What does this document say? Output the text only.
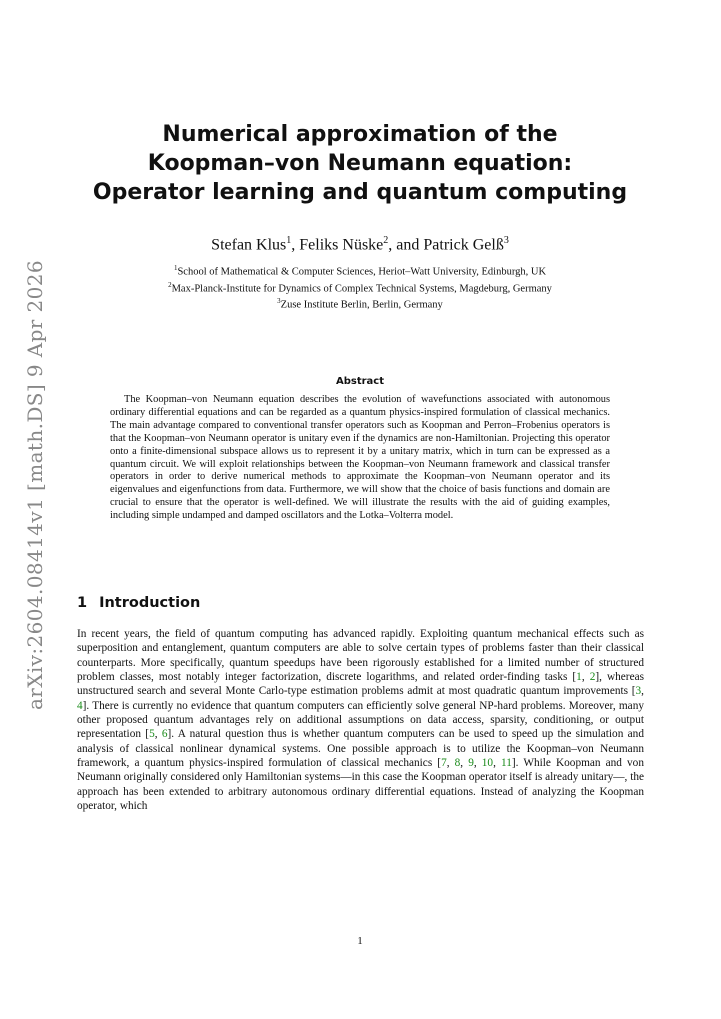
arXiv:2604.08414v1 [math.DS] 9 Apr 2026
Numerical approximation of the
Koopman–von Neumann equation:
Operator learning and quantum computing
Stefan Klus$^1$, Feliks Nüske$^2$, and Patrick Gelß$^3$
$^1$School of Mathematical & Computer Sciences, Heriot–Watt University, Edinburgh, UK
$^2$Max-Planck-Institute for Dynamics of Complex Technical Systems, Magdeburg, Germany
$^3$Zuse Institute Berlin, Berlin, Germany
Abstract

The Koopman–von Neumann equation describes the evolution of wavefunctions associated with autonomous ordinary differential equations and can be regarded as a quantum physics-inspired formulation of classical mechanics. The main advantage compared to conventional transfer operators such as Koopman and Perron–Frobenius operators is that the Koopman–von Neumann operator is unitary even if the dynamics are non-Hamiltonian. Projecting this operator onto a finite-dimensional subspace allows us to represent it by a unitary matrix, which in turn can be expressed as a quantum circuit. We will exploit relationships between the Koopman–von Neumann framework and classical transfer operators in order to derive numerical methods to approximate the Koopman–von Neumann operator and its eigenvalues and eigenfunctions from data. Furthermore, we will show that the choice of basis functions and domain are crucial to ensure that the operator is well-defined. We will illustrate the results with the aid of guiding examples, including simple undamped and damped oscillators and the Lotka–Volterra model.

1 Introduction

In recent years, the field of quantum computing has advanced rapidly. Exploiting quantum mechanical effects such as superposition and entanglement, quantum computers are able to solve certain types of problems faster than their classical counterparts. More specifically, quantum speedups have been rigorously established for a limited number of structured problem classes, most notably integer factorization, discrete logarithms, and related order-finding tasks [1, 2], whereas unstructured search and several Monte Carlo-type estimation problems admit at most quadratic quantum improvements [3, 4]. There is currently no evidence that quantum computers can efficiently solve general NP-hard problems. Moreover, many other proposed quantum advantages rely on additional assumptions on data access, sparsity, conditioning, or output representation [5, 6]. A natural question thus is whether quantum computers can be used to speed up the simulation and analysis of classical nonlinear dynamical systems. One possible approach is to utilize the Koopman–von Neumann framework, a quantum physics-inspired formulation of classical mechanics [7, 8, 9, 10, 11]. While Koopman and von Neumann originally considered only Hamiltonian systems—in this case the Koopman operator itself is already unitary—, the approach has been extended to arbitrary autonomous ordinary differential equations. Instead of analyzing the Koopman operator, which

1
